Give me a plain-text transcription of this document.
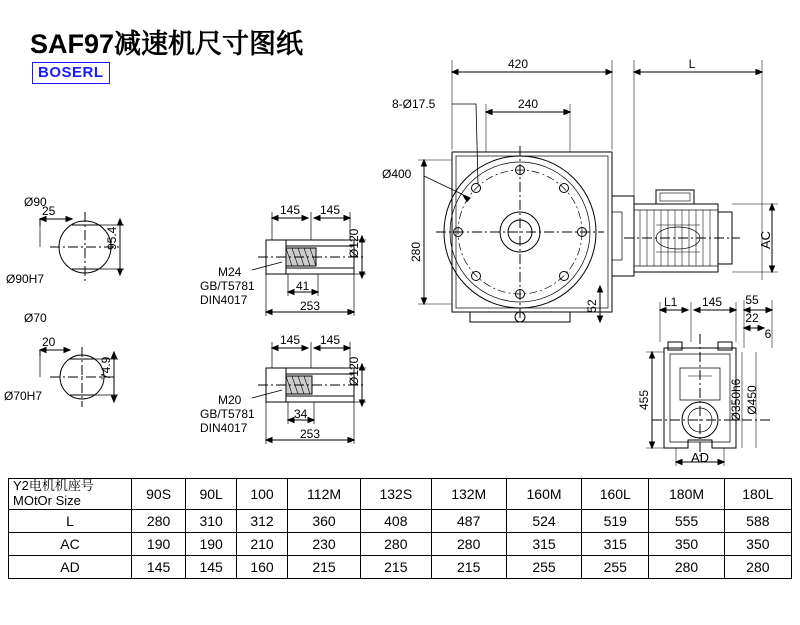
SAF97减速机尺寸图纸
BOSERL
Ø90
25
Ø90H7
95.4
Ø70
20
Ø70H7
74.9
145 145
Ø120
M24
GB/T5781
DIN4017
41
253
145 145
Ø120
M20
GB/T5781
DIN4017
34
253
420	L
8-Ø17.5	240
Ø400
280
52
AC
L1 145 55
22
6
455	Ø350h6 Ø450
AD
Y2电机机座号
MOtOr Size	90S	90L	100	112M	132S	132M	160M	160L	180M	180L
L	280	310	312	360	408	487	524	519	555	588
AC	190	190	210	230	280	280	315	315	350	350
AD	145	145	160	215	215	215	255	255	280	280
